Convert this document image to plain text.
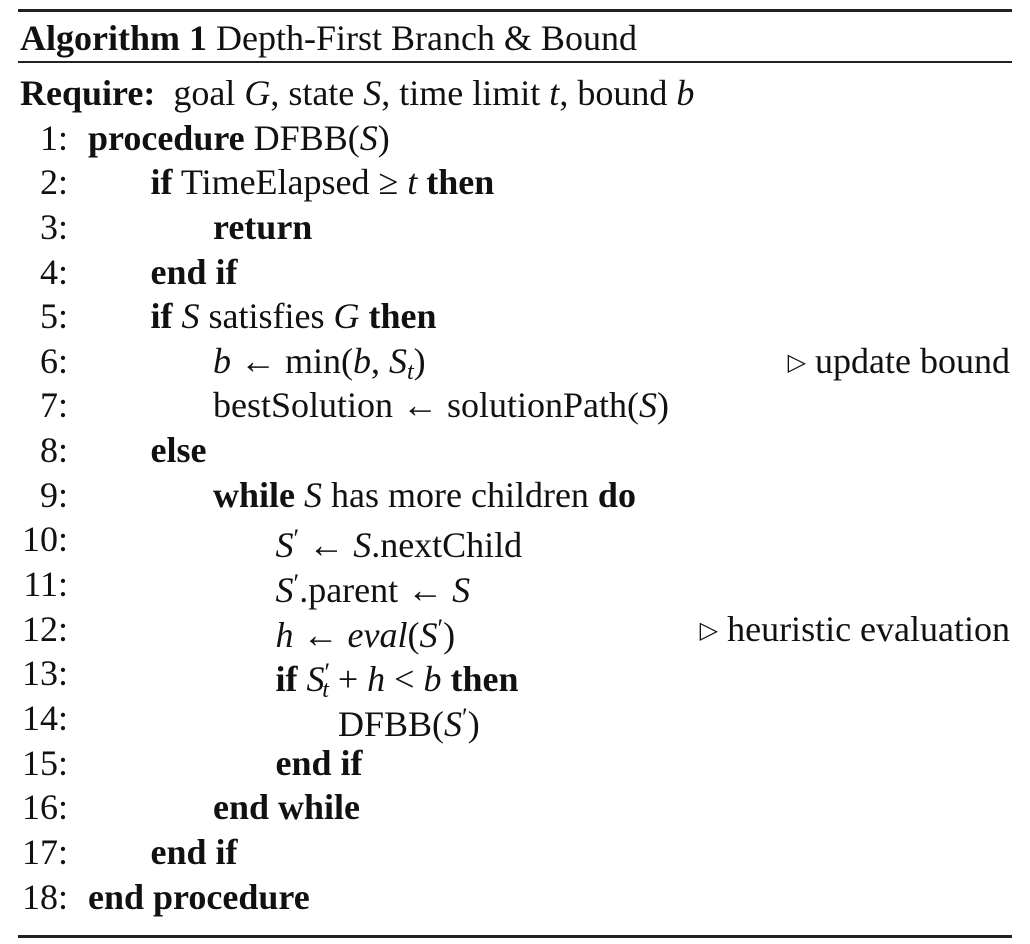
Algorithm 1 Depth-First Branch & Bound
Require:  goal G, state S, time limit t, bound b
1: procedure DFBB(S)
2: if TimeElapsed ≥ t then
3:	return
4: end if
5: if S satisfies G then
6:	b ← min(b, $S_t$)	▷ update bound
7:	bestSolution ← solutionPath(S)
8: else
9:	while S has more children do
10:	S′ ← S.nextChild
11:	S′.parent ← S
12:	h ← eval(S′)	▷ heuristic evaluation
13:	if S′t + h < b then
14:	DFBB(S′)
15:	end if
16:	end while
17: end if
18: end procedure
